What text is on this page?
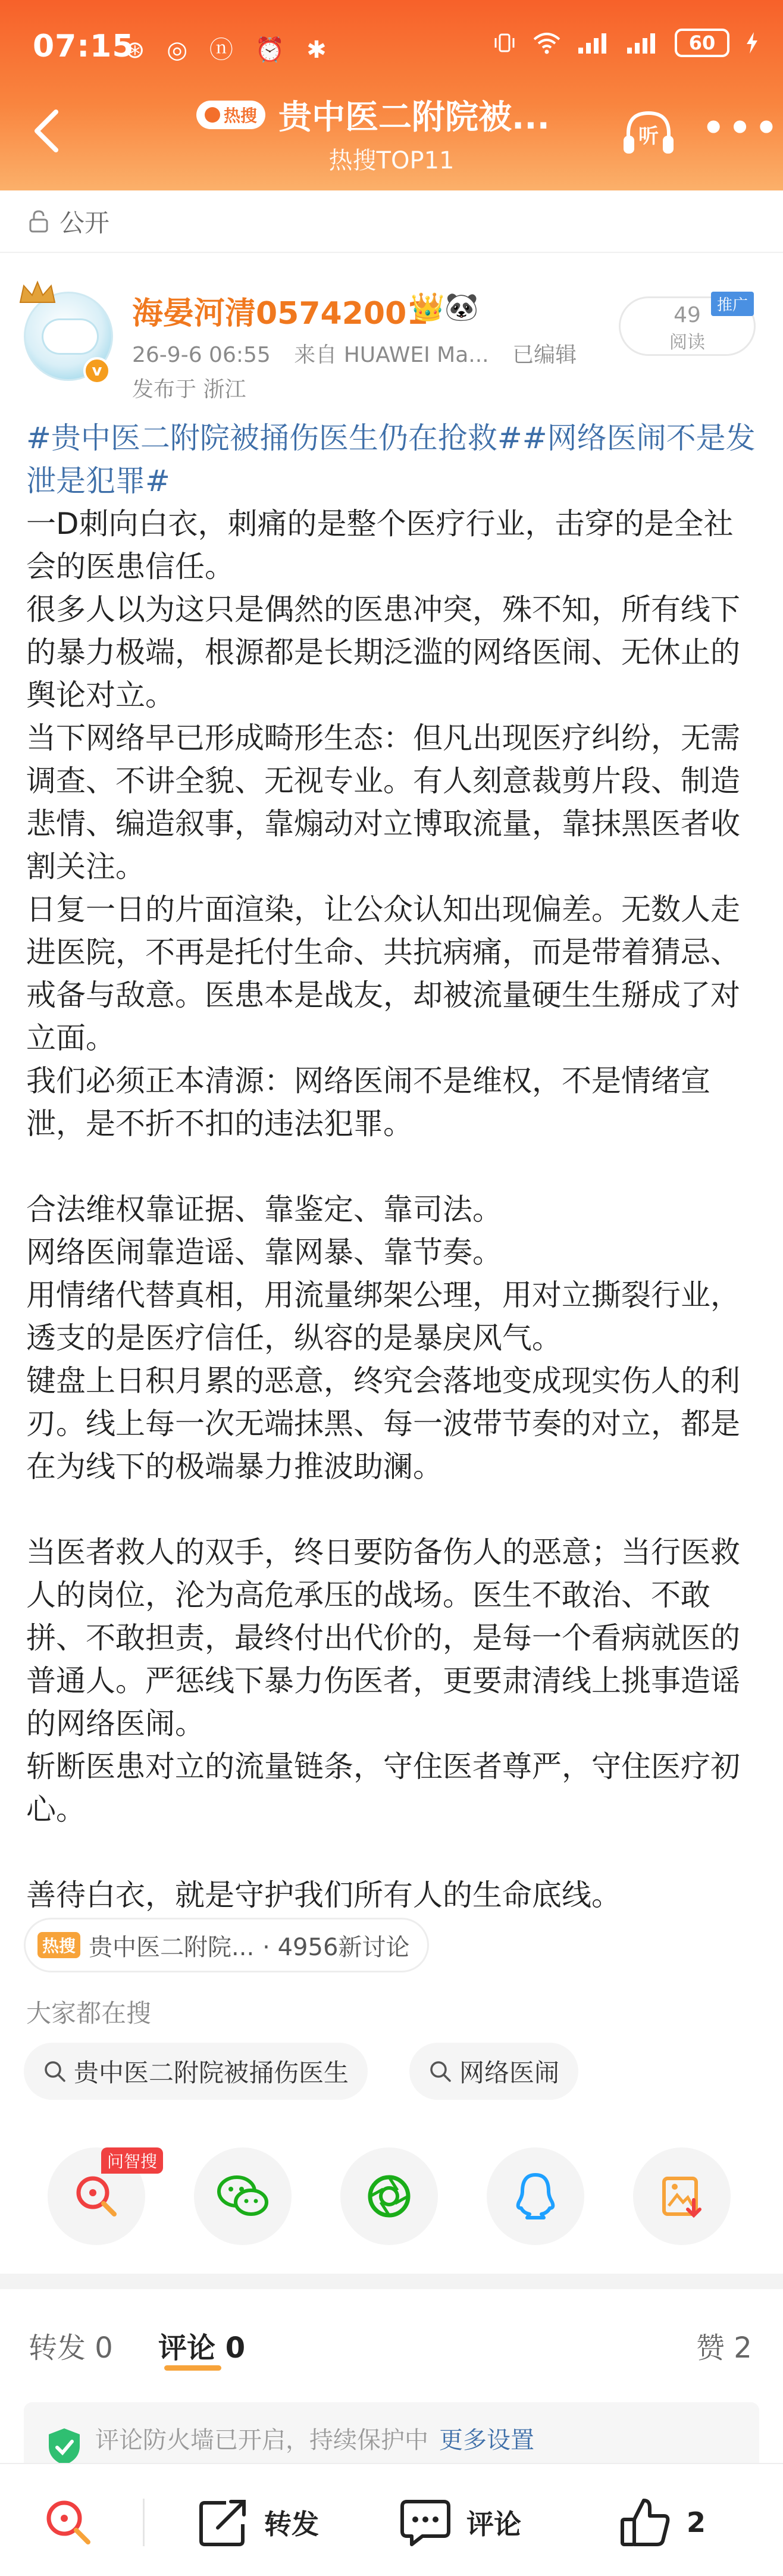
07:15
⊛ ◎ ⓝ ⏰ ✱	60
热搜 贵中医二附院被...
热搜TOP11
听 •••
公开
v
海晏河清05742001
👑🐼
26-9-6 06:55 来自 HUAWEI Ma... 已编辑
发布于 浙江
49
阅读
推广

#贵中医二附院被捅伤医生仍在抢救##网络医闹不是发泄是犯罪#

一D刺向白衣，刺痛的是整个医疗行业，击穿的是全社会的医患信任。

很多人以为这只是偶然的医患冲突，殊不知，所有线下的暴力极端，根源都是长期泛滥的网络医闹、无休止的舆论对立。

当下网络早已形成畸形生态：但凡出现医疗纠纷，无需调查、不讲全貌、无视专业。有人刻意裁剪片段、制造悲情、编造叙事，靠煽动对立博取流量，靠抹黑医者收割关注。

日复一日的片面渲染，让公众认知出现偏差。无数人走进医院，不再是托付生命、共抗病痛，而是带着猜忌、戒备与敌意。医患本是战友，却被流量硬生生掰成了对立面。

我们必须正本清源：网络医闹不是维权，不是情绪宣泄，是不折不扣的违法犯罪。

合法维权靠证据、靠鉴定、靠司法。

网络医闹靠造谣、靠网暴、靠节奏。

用情绪代替真相，用流量绑架公理，用对立撕裂行业，透支的是医疗信任，纵容的是暴戾风气。

键盘上日积月累的恶意，终究会落地变成现实伤人的利刃。线上每一次无端抹黑、每一波带节奏的对立，都是在为线下的极端暴力推波助澜。

当医者救人的双手，终日要防备伤人的恶意；当行医救人的岗位，沦为高危承压的战场。医生不敢治、不敢拼、不敢担责，最终付出代价的，是每一个看病就医的普通人。严惩线下暴力伤医者，更要肃清线上挑事造谣的网络医闹。

斩断医患对立的流量链条，守住医者尊严，守住医疗初心。

善待白衣，就是守护我们所有人的生命底线。

热搜 贵中医二附院... · 4956新讨论
大家都在搜
贵中医二附院被捅伤医生	网络医闹
问智搜
转发 0 评论 0	赞 2
评论防火墙已开启，持续保护中 更多设置
转发	评论	2
